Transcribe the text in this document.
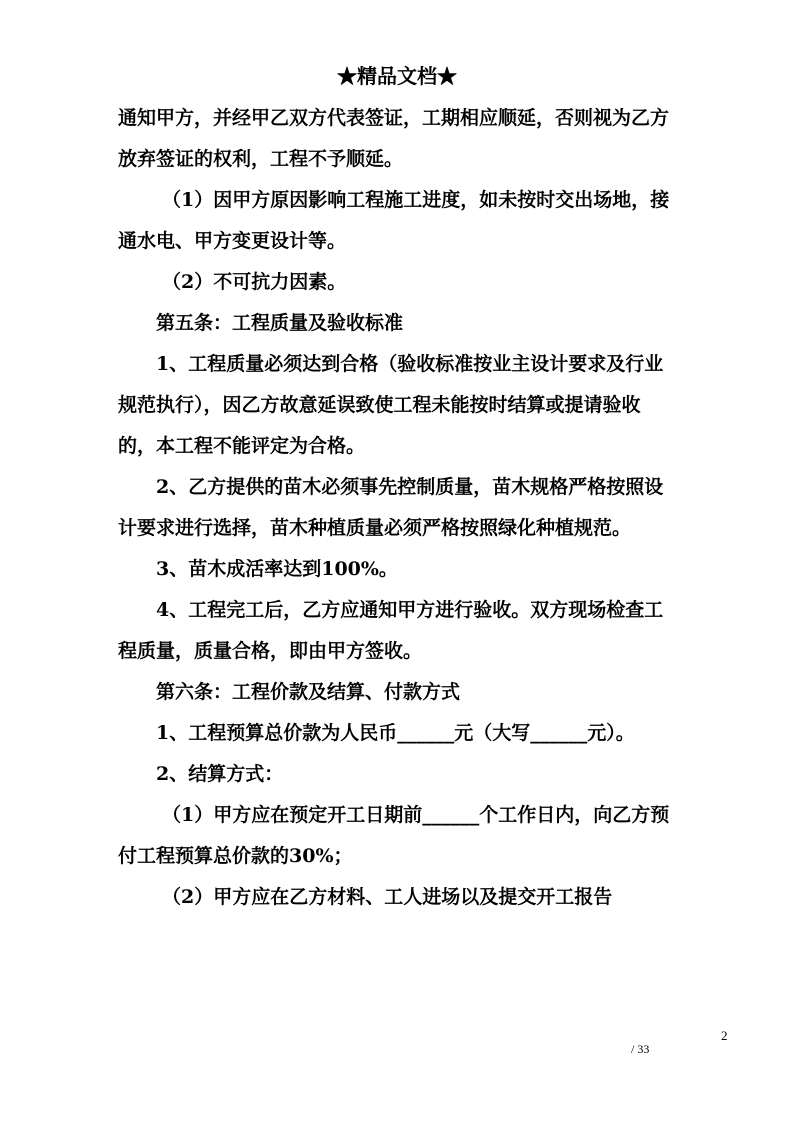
★精品文档★

通知甲方，并经甲乙双方代表签证，工期相应顺延，否则视为乙方放弃签证的权利，工程不予顺延。

（1）因甲方原因影响工程施工进度，如未按时交出场地，接通水电、甲方变更设计等。

（2）不可抗力因素。

第五条：工程质量及验收标准

1、工程质量必须达到合格（验收标准按业主设计要求及行业规范执行），因乙方故意延误致使工程未能按时结算或提请验收的，本工程不能评定为合格。

2、乙方提供的苗木必须事先控制质量，苗木规格严格按照设计要求进行选择，苗木种植质量必须严格按照绿化种植规范。

3、苗木成活率达到100%。

4、工程完工后，乙方应通知甲方进行验收。双方现场检查工程质量，质量合格，即由甲方签收。

第六条：工程价款及结算、付款方式

1、工程预算总价款为人民币______元（大写______元）。

2、结算方式：

（1）甲方应在预定开工日期前______个工作日内，向乙方预付工程预算总价款的30%；

（2）甲方应在乙方材料、工人进场以及提交开工报告

2
/ 33
